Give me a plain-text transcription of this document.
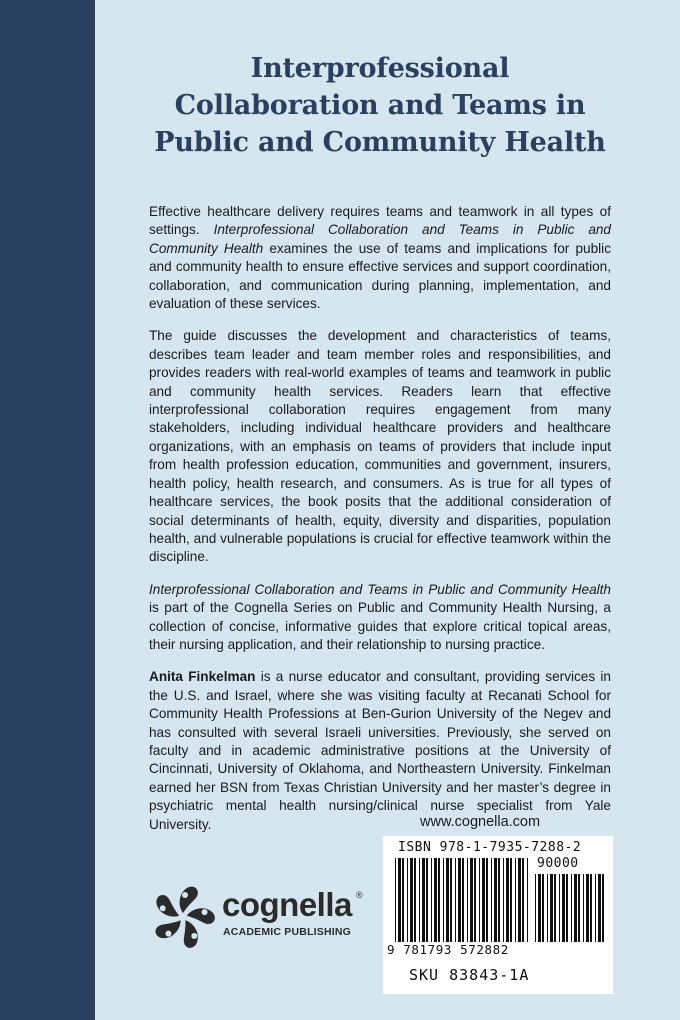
Interprofessional
Collaboration and Teams in
Public and Community Health

Effective healthcare delivery requires teams and teamwork in all types of settings. Interprofessional Collaboration and Teams in Public and Community Health examines the use of teams and implications for public and community health to ensure effective services and support coordination, collaboration, and communication during planning, implementation, and evaluation of these services.

The guide discusses the development and characteristics of teams, describes team leader and team member roles and responsibilities, and provides readers with real-world examples of teams and teamwork in public and community health services. Readers learn that effective interprofessional collaboration requires engagement from many stakeholders, including individual healthcare providers and healthcare organizations, with an emphasis on teams of providers that include input from health profession education, communities and government, insurers, health policy, health research, and consumers. As is true for all types of healthcare services, the book posits that the additional consideration of social determinants of health, equity, diversity and disparities, population health, and vulnerable populations is crucial for effective teamwork within the discipline.

Interprofessional Collaboration and Teams in Public and Community Health is part of the Cognella Series on Public and Community Health Nursing, a collection of concise, informative guides that explore critical topical areas, their nursing application, and their relationship to nursing practice.

Anita Finkelman is a nurse educator and consultant, providing services in the U.S. and Israel, where she was visiting faculty at Recanati School for Community Health Professions at Ben-Gurion University of the Negev and has consulted with several Israeli universities. Previously, she served on faculty and in academic administrative positions at the University of Cincinnati, University of Oklahoma, and Northeastern University. Finkelman earned her BSN from Texas Christian University and her master’s degree in psychiatric mental health nursing/clinical nurse specialist from Yale University.	www.cognella.com
ISBN 978-1-7935-7288-2
90000
9 781793 572882
SKU 83843-1A
cognella ®
ACADEMIC PUBLISHING
